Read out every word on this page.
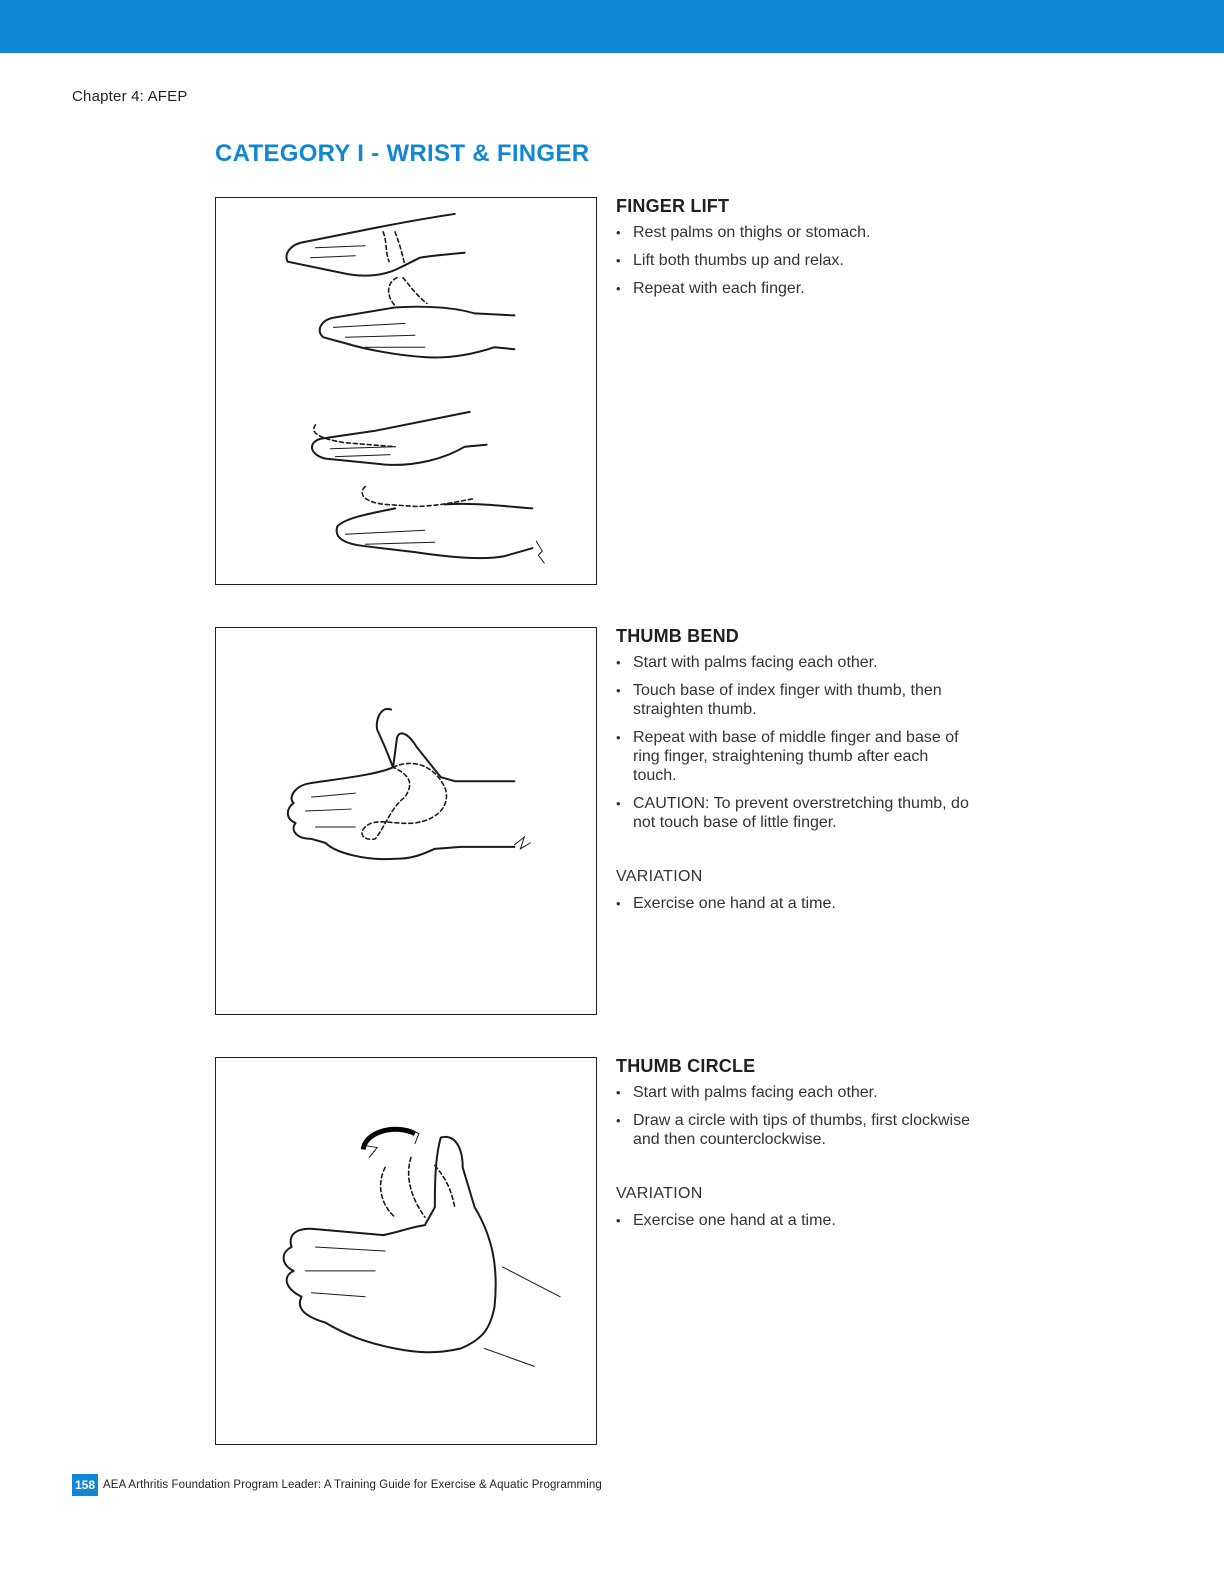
Chapter 4: AFEP
CATEGORY I - WRIST & FINGER
FINGER LIFT
• Rest palms on thighs or stomach.
• Lift both thumbs up and relax.
• Repeat with each finger.
THUMB BEND
• Start with palms facing each other.
• Touch base of index finger with thumb, then straighten thumb.
• Repeat with base of middle finger and base of ring finger, straightening thumb after each touch.
• CAUTION: To prevent overstretching thumb, do not touch base of little finger.
VARIATION
• Exercise one hand at a time.
THUMB CIRCLE
• Start with palms facing each other.
• Draw a circle with tips of thumbs, first clockwise and then counterclockwise.
VARIATION
• Exercise one hand at a time.
158 AEA Arthritis Foundation Program Leader: A Training Guide for Exercise & Aquatic Programming
